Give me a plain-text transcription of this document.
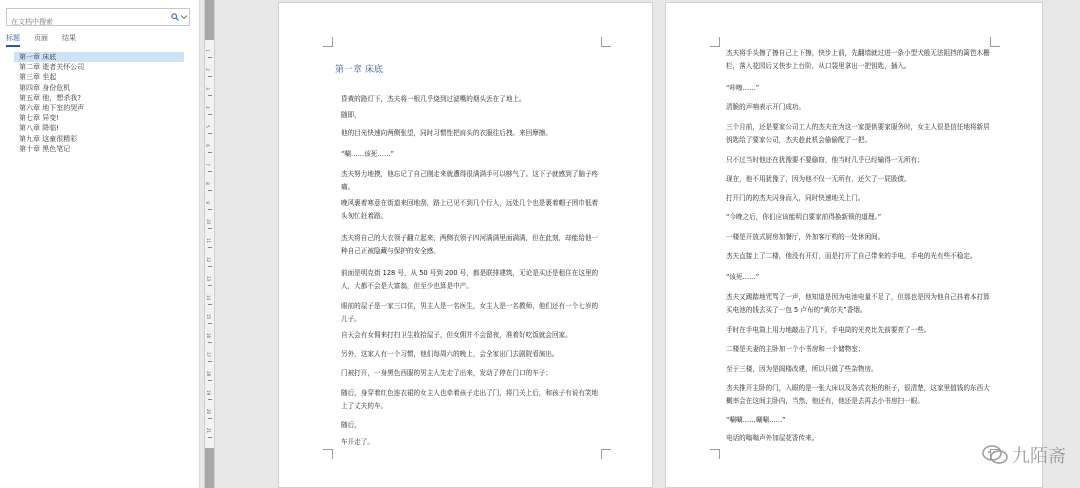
在文档中搜索
标题 页面 结果
第一章 床底
第二章 逝者关怀公司
第三章 坐起
第四章 身份危机
第五章 他，想杀我?
第六章 地下室的哭声
第七章 异变!
第八章 降临!
第九章 这童很精彩
第十章 黑色笔记
1
2
3
4
5
6
7
8
9
10
11
12
13
14
15
16
17
18
19
20
21
第一章 床底
昏黄的路灯下，杰夫将一根几乎烧到过滤嘴的烟头丢在了地上。
随即，
他的目光快速向两侧张望，同时习惯性把肩头的衣服往后拽。来回摩擦。
“唰……该死……”
杰夫努力地摸，他忘记了自己刚走来就遭得很满满手可以够气了。这下子就感到了脑子疼痛。
晚风裹着寒意在街道来回地刮，路上已见不到几个行人，远处几个也是裹着帽子围巾低着头匆忙赶着路。
杰夫将自己的大衣领子翻立起来，两侧衣领子四河满满里面满满，但在此刻，却能给他一种自己正被隐藏与保护的安全感。
前面是明克街 128 号，从 50 号到 200 号，都是联排建筑，无论是买还是租住在这里的人，大都不会是大富翁，但至少也算是中产。
眼前的屋子是一家三口住，男主人是一名医生，女主人是一名教师，他们还有一个七岁的儿子。
自天会有女佣来打扫卫生收拾屋子，但女佣并不会留夜，准着好吃饭就会回家。
另外，这家人有一个习惯，他们每周六的晚上，会全家出门去剧院看演出。
门被打开，一身黑色西服的男主人先走了出来，发动了停在门口的车子；
随后，身穿着红色连衣裙的女主人也牵着孩子走出了门，将门关上后，和孩子有说有笑地上了丈夫的车。
随后，
车开走了。
杰夫将手头擦了擦自己上下擦，快步上前，先翻墙就过进一条小型犬般无法阻挡的篱笆木栅栏，落入花园后又快步上台阶，从口袋里拿出一把钥匙，插入。
“咔嚓……”
清脆的声响表示开门成功。
三个月前，还是要家公司工人的杰夫在为这一家提供要家服务时，女主人很是信任地将新居钥匙给了要家公司，杰夫趁此机会偷偷配了一把。
只不过当时他还在犹豫要不要偷窃，他当时几乎已经输得一无所有；
现在，他不用犹豫了，因为他不仅一无所有，还欠了一屁股债。
打开门的的杰夫闪身而入，同时快速地关上门。
“今晚之后，你们应该能明白要家前得换新锁的道理。”
一楼是开放式厨房加餐厅，外加客厅构的一处休闲间。
杰夫直接上了二楼，他没有开灯，而是打开了自己带来的手电，手电的光有些不稳定。
“该死……”
杰夫又踢踏地咒骂了一声，他知道是因为电池电量不足了，但那也是因为他自己抖着本打算买电池的钱去买了一包 5 卢布的“黄尔夫”香烟。
手时在手电筒上用力地敲击了几下，手电筒的光亮比先前要亮了一些。
二楼是夫妻的主卧加一个小书房和一个储物室；
至于三楼，因为是阁楼改建，所以只做了些杂物房。
杰夫推开主卧的门，入眼的是一张大床以及各式衣柜的柜子，很清楚，这家里值钱的东西大概率会在这间主卧内，当然，他还有，他还是去再去小书房扫一眼。
“唰唰……唰唰……”
电话的嗡嗡声外加屋花香传来。
九陌斋
